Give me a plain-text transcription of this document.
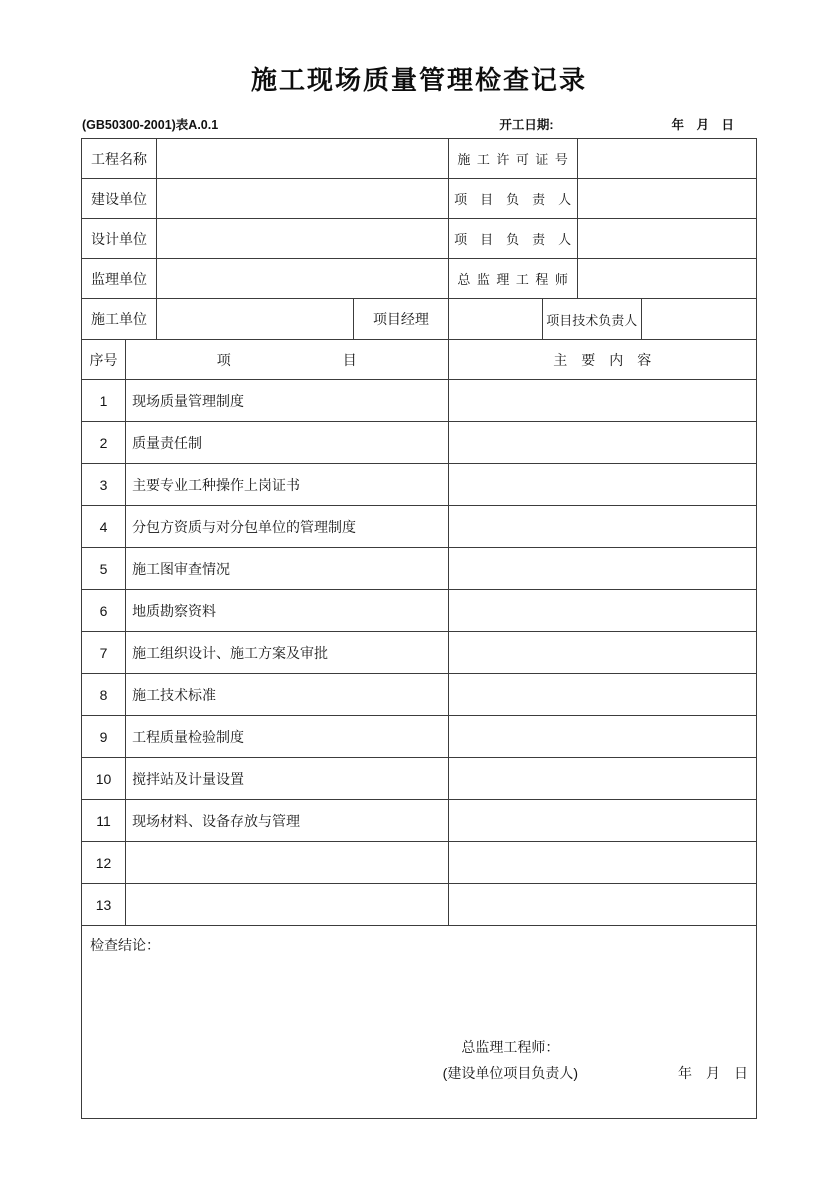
施工现场质量管理检查记录
(GB50300-2001)表A.0.1	开工日期:	年 月 日
工程名称				施 工 许 可 证 号			
建设单位				项 目 负 责 人			
设计单位				项 目 负 责 人			
监理单位				总 监 理 工 程 师			
施工单位			项目经理		项目技术负责人		
序号	项        目			主 要 内 容			
1	现场质量管理制度						
2	质量责任制						
3	主要专业工种操作上岗证书						
4	分包方资质与对分包单位的管理制度						
5	施工图审查情况						
6	地质勘察资料						
7	施工组织设计、施工方案及审批						
8	施工技术标准						
9	工程质量检验制度						
10	搅拌站及计量设置						
11	现场材料、设备存放与管理						
12							
13							

检查结论：
总监理工程师：
(建设单位项目负责人) 年 月 日							
